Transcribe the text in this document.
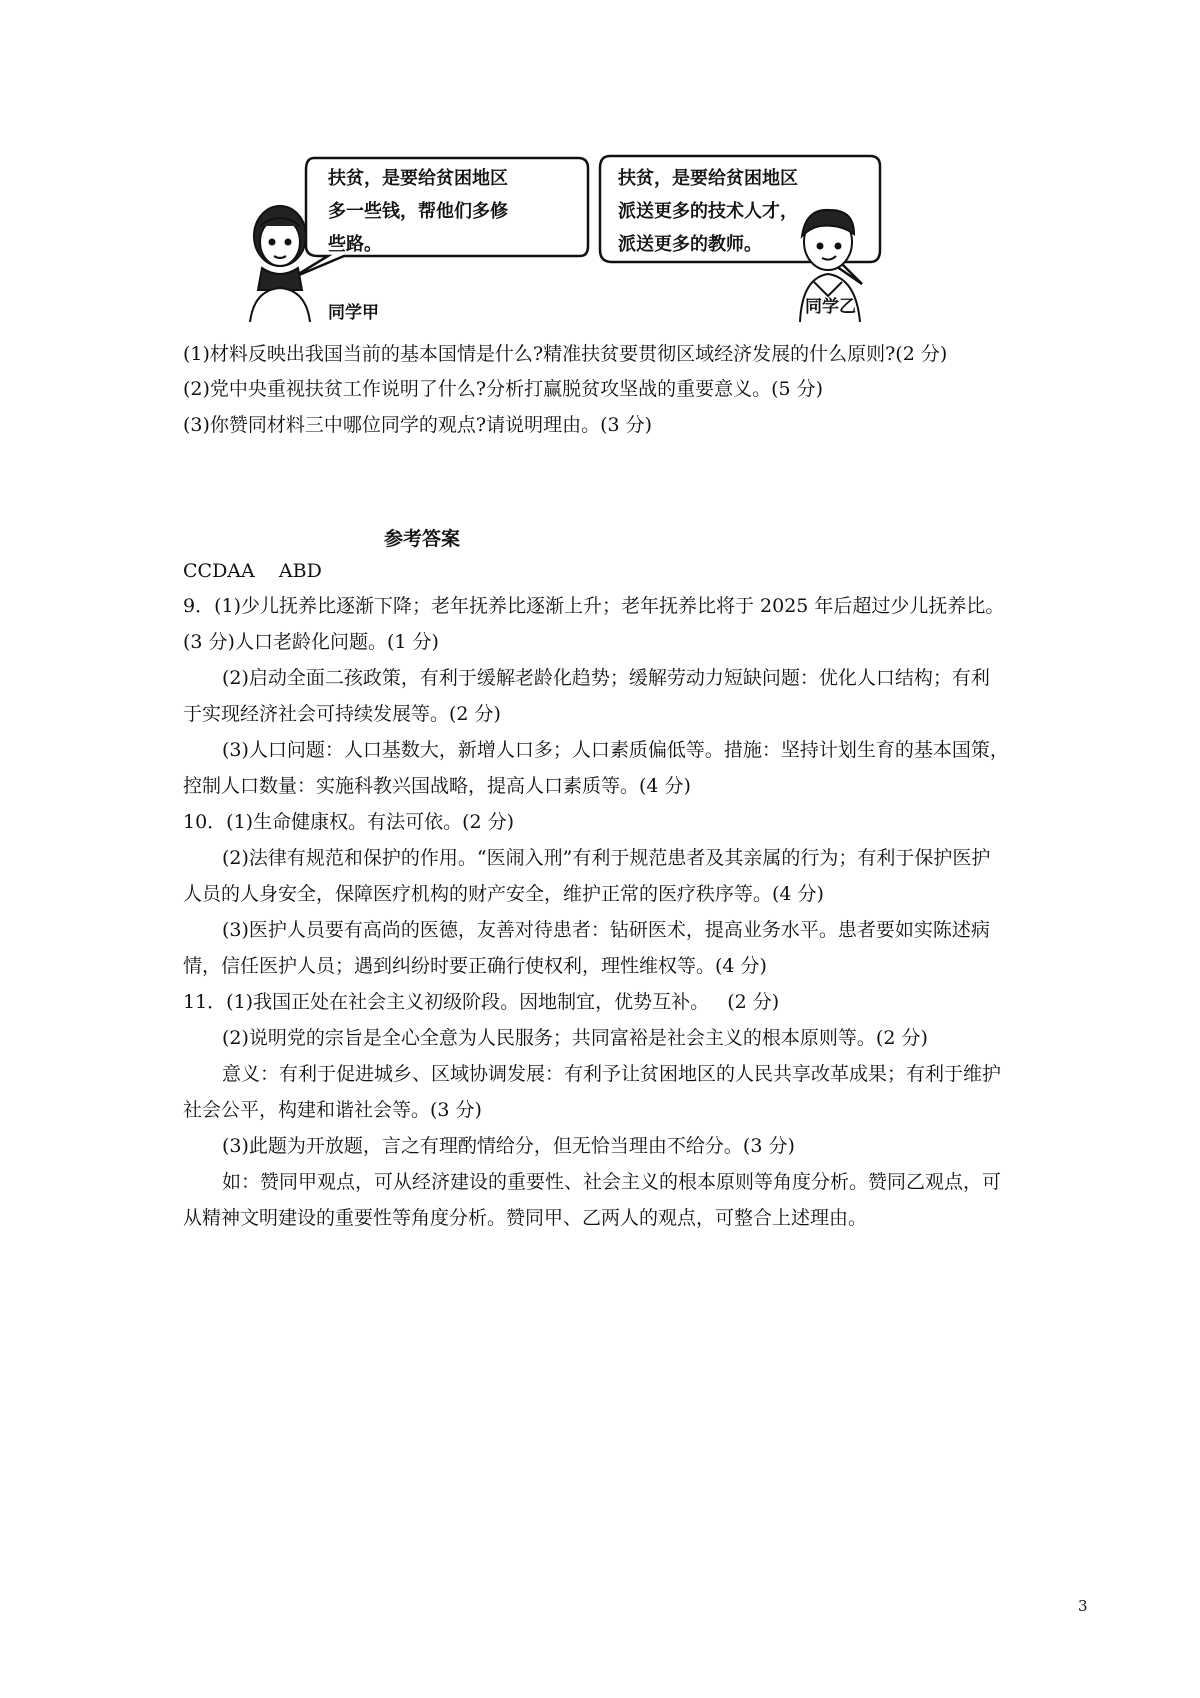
扶贫，是要给贫困地区
多一些钱，帮他们多修
些路。
扶贫，是要给贫困地区
派送更多的技术人才，
派送更多的教师。
同学甲	同学乙
(1)材料反映出我国当前的基本国情是什么?精准扶贫要贯彻区域经济发展的什么原则?(2 分)
(2)党中央重视扶贫工作说明了什么?分析打赢脱贫攻坚战的重要意义。(5 分)
(3)你赞同材料三中哪位同学的观点?请说明理由。(3 分)
参考答案
CCDAA    ABD
9．(1)少儿抚养比逐渐下降；老年抚养比逐渐上升；老年抚养比将于 2025 年后超过少儿抚养比。
(3 分)人口老龄化问题。(1 分)
(2)启动全面二孩政策，有利于缓解老龄化趋势；缓解劳动力短缺问题：优化人口结构；有利
于实现经济社会可持续发展等。(2 分)
(3)人口问题：人口基数大，新增人口多；人口素质偏低等。措施：坚持计划生育的基本国策，
控制人口数量：实施科教兴国战略，提高人口素质等。(4 分)
10．(1)生命健康权。有法可依。(2 分)
(2)法律有规范和保护的作用。“医闹入刑”有利于规范患者及其亲属的行为；有利于保护医护
人员的人身安全，保障医疗机构的财产安全，维护正常的医疗秩序等。(4 分)
(3)医护人员要有高尚的医德，友善对待患者：钻研医术，提高业务水平。患者要如实陈述病
情，信任医护人员；遇到纠纷时要正确行使权利，理性维权等。(4 分)
11．(1)我国正处在社会主义初级阶段。因地制宜，优势互补。   (2 分)
(2)说明党的宗旨是全心全意为人民服务；共同富裕是社会主义的根本原则等。(2 分)
意义：有利于促进城乡、区域协调发展：有利予让贫困地区的人民共享改革成果；有利于维护
社会公平，构建和谐社会等。(3 分)
(3)此题为开放题，言之有理酌情给分，但无恰当理由不给分。(3 分)
如：赞同甲观点，可从经济建设的重要性、社会主义的根本原则等角度分析。赞同乙观点，可
从精神文明建设的重要性等角度分析。赞同甲、乙两人的观点，可整合上述理由。
3
